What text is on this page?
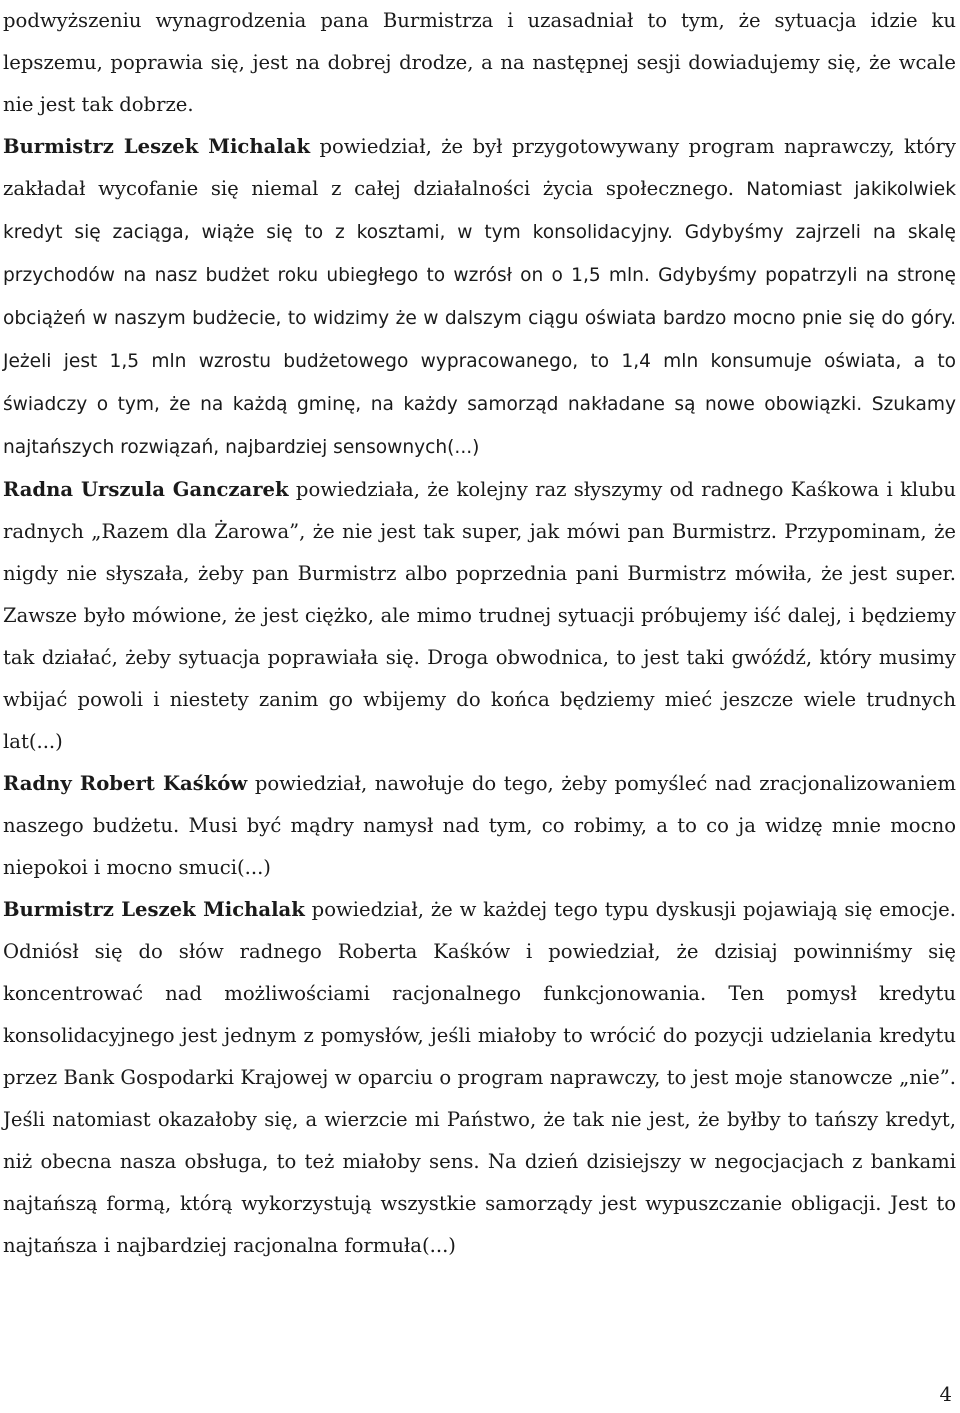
podwyższeniu wynagrodzenia pana Burmistrza i uzasadniał to tym, że sytuacja idzie ku lepszemu, poprawia się, jest na dobrej drodze, a na następnej sesji dowiadujemy się, że wcale nie jest tak dobrze.

Burmistrz Leszek Michalak powiedział, że był przygotowywany program naprawczy, który zakładał wycofanie się niemal z całej działalności życia społecznego. Natomiast jakikolwiek kredyt się zaciąga, wiąże się to z kosztami, w tym konsolidacyjny. Gdybyśmy zajrzeli na skalę przychodów na nasz budżet roku ubiegłego to wzrósł on o 1,5 mln. Gdybyśmy popatrzyli na stronę obciążeń w naszym budżecie, to widzimy że w dalszym ciągu oświata bardzo mocno pnie się do góry. Jeżeli jest 1,5 mln wzrostu budżetowego wypracowanego, to 1,4 mln konsumuje oświata, a to świadczy o tym, że na każdą gminę, na każdy samorząd nakładane są nowe obowiązki. Szukamy najtańszych rozwiązań, najbardziej sensownych(...)

Radna Urszula Ganczarek powiedziała, że kolejny raz słyszymy od radnego Kaśkowa i klubu radnych „Razem dla Żarowa”, że nie jest tak super, jak mówi pan Burmistrz. Przypominam, że nigdy nie słyszała, żeby pan Burmistrz albo poprzednia pani Burmistrz mówiła, że jest super. Zawsze było mówione, że jest ciężko, ale mimo trudnej sytuacji próbujemy iść dalej, i będziemy tak działać, żeby sytuacja poprawiała się. Droga obwodnica, to jest taki gwóźdź, który musimy wbijać powoli i niestety zanim go wbijemy do końca będziemy mieć jeszcze wiele trudnych lat(...)

Radny Robert Kaśków powiedział, nawołuje do tego, żeby pomyśleć nad zracjonalizowaniem naszego budżetu. Musi być mądry namysł nad tym, co robimy, a to co ja widzę mnie mocno niepokoi i mocno smuci(...)

Burmistrz Leszek Michalak powiedział, że w każdej tego typu dyskusji pojawiają się emocje. Odniósł się do słów radnego Roberta Kaśków i powiedział, że dzisiaj powinniśmy się koncentrować nad możliwościami racjonalnego funkcjonowania. Ten pomysł kredytu konsolidacyjnego jest jednym z pomysłów, jeśli miałoby to wrócić do pozycji udzielania kredytu przez Bank Gospodarki Krajowej w oparciu o program naprawczy, to jest moje stanowcze „nie”. Jeśli natomiast okazałoby się, a wierzcie mi Państwo, że tak nie jest, że byłby to tańszy kredyt, niż obecna nasza obsługa, to też miałoby sens. Na dzień dzisiejszy w negocjacjach z bankami najtańszą formą, którą wykorzystują wszystkie samorządy jest wypuszczanie obligacji. Jest to najtańsza i najbardziej racjonalna formuła(...)

4
